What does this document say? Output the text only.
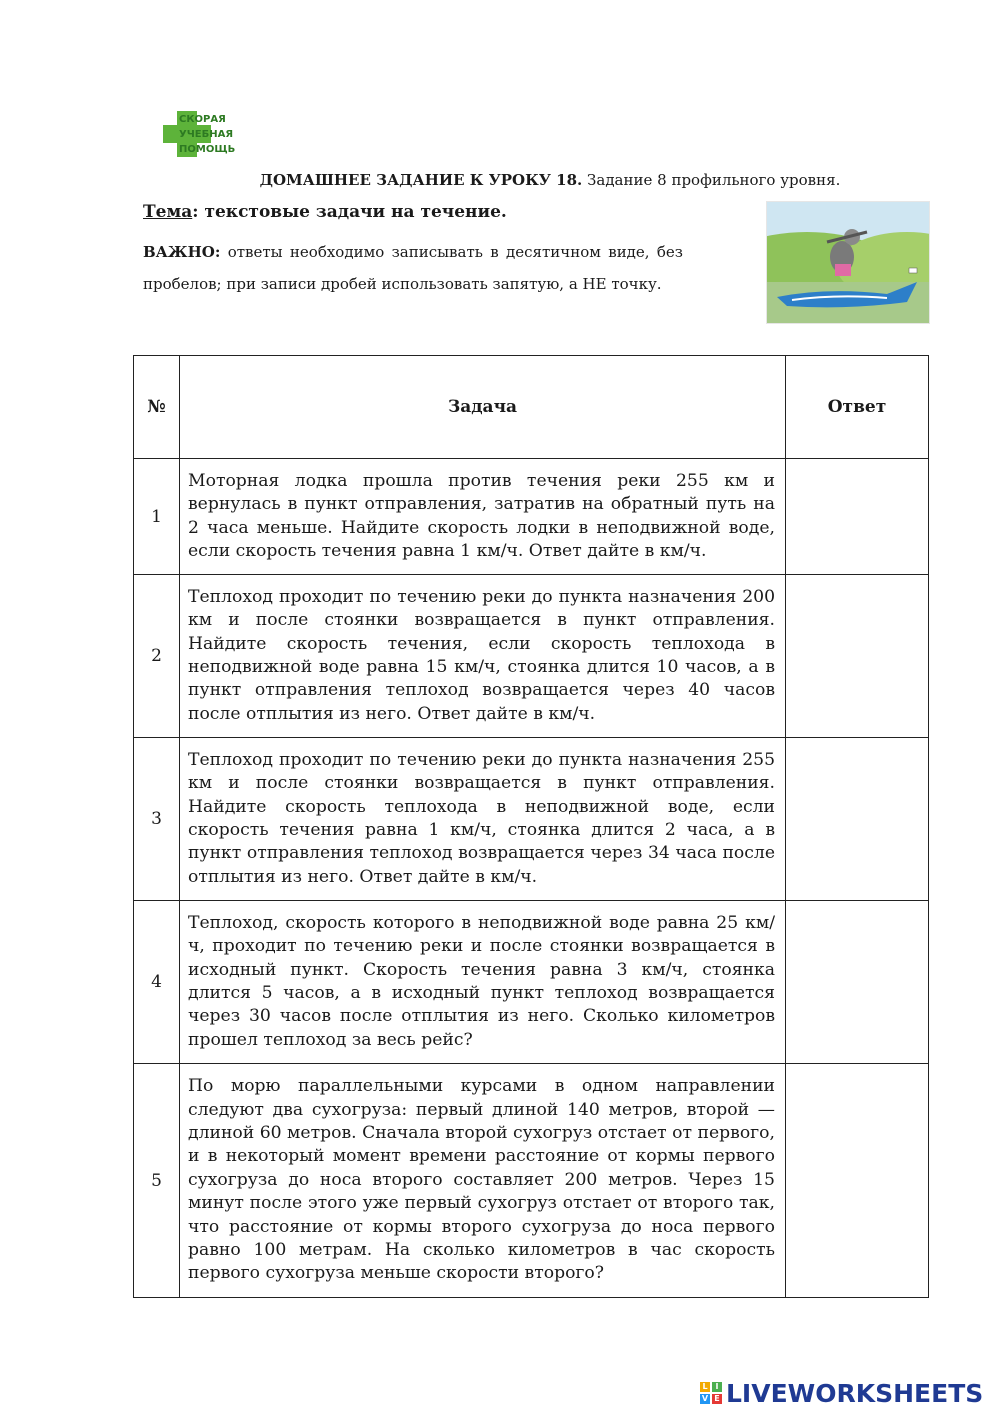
СКОРАЯ
УЧЕБНАЯ
ПОМОЩЬ
ДОМАШНЕЕ ЗАДАНИЕ К УРОКУ 18. Задание 8 профильного уровня.
Тема: текстовые задачи на течение.
ВАЖНО: ответы необходимо записывать в десятичном виде, без пробелов; при записи дробей использовать запятую, а НЕ точку.
№	Задача	Ответ
1	Моторная лодка прошла против течения реки 255 км и вернулась в пункт отправления, затратив на обратный путь на 2 часа меньше. Найдите скорость лодки в неподвижной воде, если скорость течения равна 1 км/ч. Ответ дайте в км/ч.	
2	Теплоход проходит по течению реки до пункта назначения 200 км и после стоянки возвращается в пункт отправления. Найдите скорость течения, если скорость теплохода в неподвижной воде равна 15 км/ч, стоянка длится 10 часов, а в пункт отправления теплоход возвращается через 40 часов после отплытия из него. Ответ дайте в км/ч.	
3	Теплоход проходит по течению реки до пункта назначения 255 км и после стоянки возвращается в пункт отправления. Найдите скорость теплохода в неподвижной воде, если скорость течения равна 1 км/ч, стоянка длится 2 часа, а в пункт отправления теплоход возвращается через 34 часа после отплытия из него. Ответ дайте в км/ч.	
4	Теплоход, скорость которого в неподвижной воде равна 25 км/ч, проходит по течению реки и после стоянки возвращается в исходный пункт. Скорость течения равна 3 км/ч, стоянка длится 5 часов, а в исходный пункт теплоход возвращается через 30 часов после отплытия из него. Сколько километров прошел теплоход за весь рейс?	
5	По морю параллельными курсами в одном направлении следуют два сухогруза: первый длиной 140 метров, второй — длиной 60 метров. Сначала второй сухогруз отстает от первого, и в некоторый момент времени расстояние от кормы первого сухогруза до носа второго составляет 200 метров. Через 15 минут после этого уже первый сухогруз отстает от второго так, что расстояние от кормы второго сухогруза до носа первого равно 100 метрам. На сколько километров в час скорость первого сухогруза меньше скорости второго?	
L I
V E LIVEWORKSHEETS
